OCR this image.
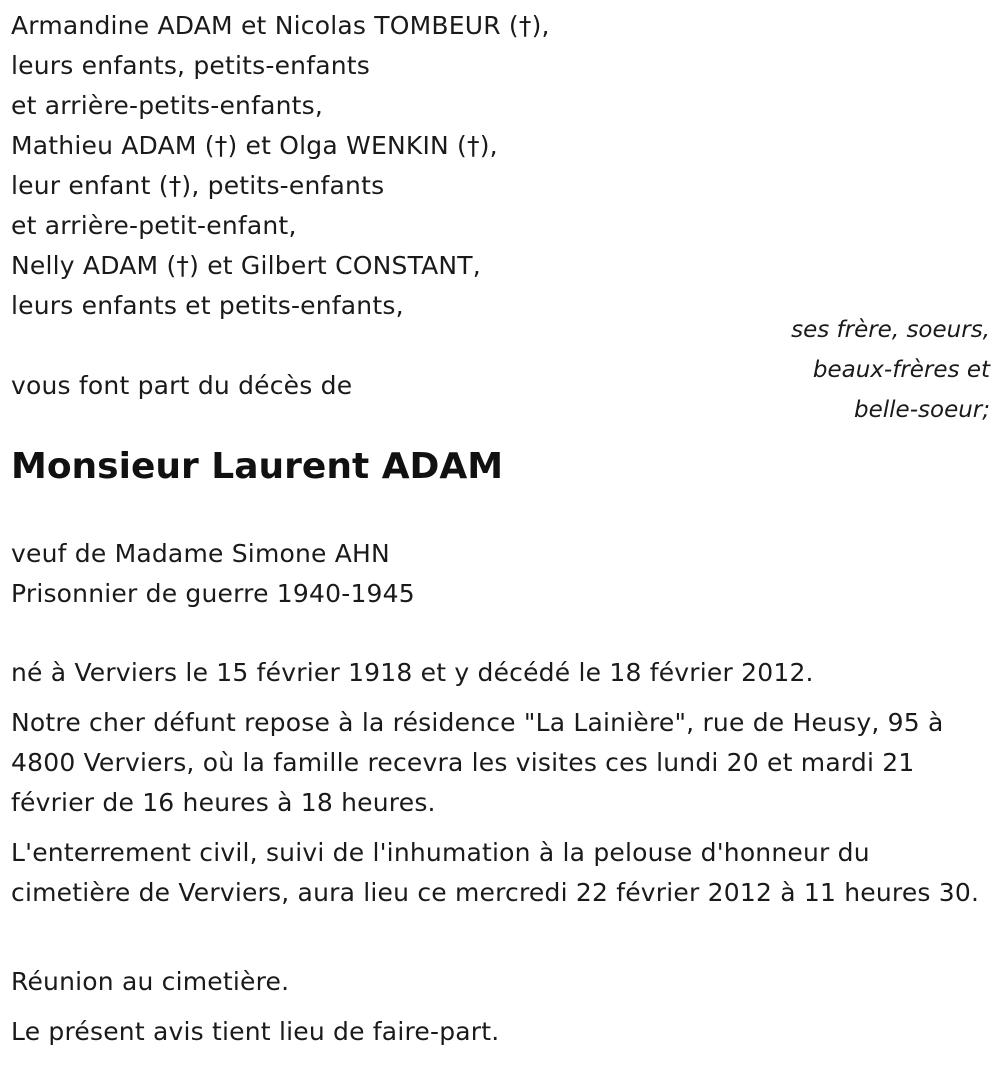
Armandine ADAM et Nicolas TOMBEUR (†),
leurs enfants, petits-enfants
et arrière-petits-enfants,
Mathieu ADAM (†) et Olga WENKIN (†),
leur enfant (†), petits-enfants
et arrière-petit-enfant,
Nelly ADAM (†) et Gilbert CONSTANT,
leurs enfants et petits-enfants,
ses frère, soeurs,
beaux-frères et
belle-soeur;
vous font part du décès de
Monsieur Laurent ADAM
veuf de Madame Simone AHN
Prisonnier de guerre 1940-1945
né à Verviers le 15 février 1918 et y décédé le 18 février 2012.
Notre cher défunt repose à la résidence "La Lainière", rue de Heusy, 95 à 4800 Verviers, où la famille recevra les visites ces lundi 20 et mardi 21 février de 16 heures à 18 heures.
L'enterrement civil, suivi de l'inhumation à la pelouse d'honneur du cimetière de Verviers, aura lieu ce mercredi 22 février 2012 à 11 heures 30.
Réunion au cimetière.
Le présent avis tient lieu de faire-part.
